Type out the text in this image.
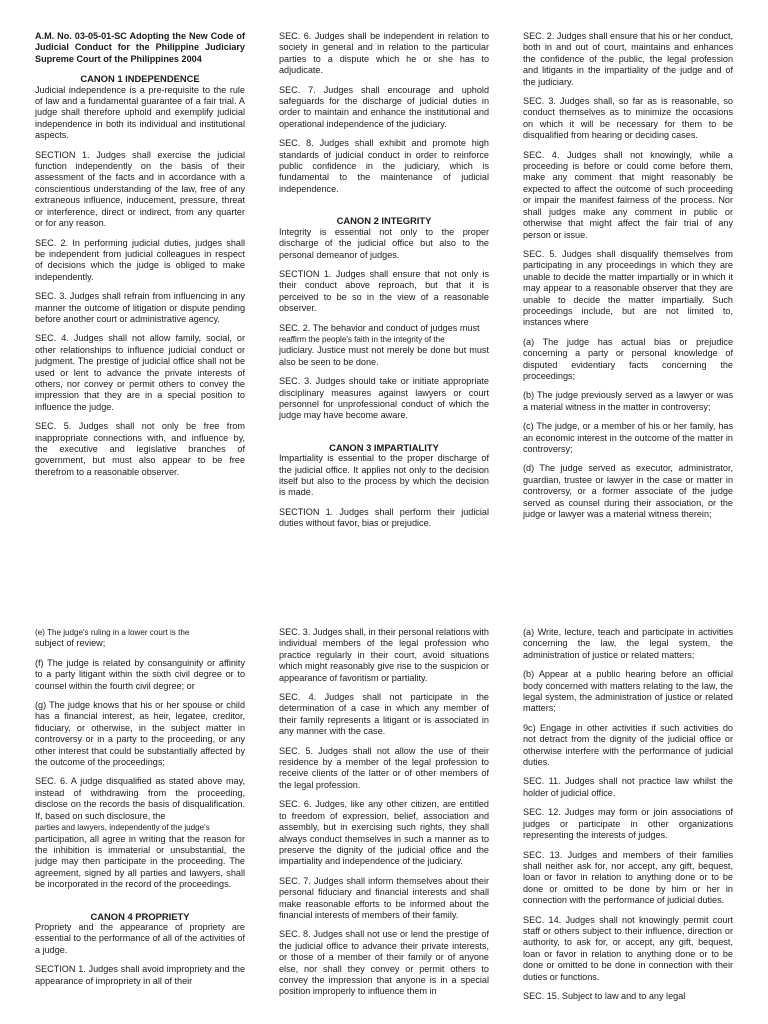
A.M. No. 03-05-01-SC Adopting the New Code of Judicial Conduct for the Philippine Judiciary Supreme Court of the Philippines 2004

CANON 1 INDEPENDENCE

Judicial independence is a pre-requisite to the rule of law and a fundamental guarantee of a fair trial. A judge shall therefore uphold and exemplify judicial independence in both its individual and institutional aspects.

SECTION 1. Judges shall exercise the judicial function independently on the basis of their assessment of the facts and in accordance with a conscientious understanding of the law, free of any extraneous influence, inducement, pressure, threat or interference, direct or indirect, from any quarter or for any reason.

SEC. 2. In performing judicial duties, judges shall be independent from judicial colleagues in respect of decisions which the judge is obliged to make independently.

SEC. 3. Judges shall refrain from influencing in any manner the outcome of litigation or dispute pending before another court or administrative agency.

SEC. 4. Judges shall not allow family, social, or other relationships to influence judicial conduct or judgment. The prestige of judicial office shall not be used or lent to advance the private interests of others, nor convey or permit others to convey the impression that they are in a special position to influence the judge.

SEC. 5. Judges shall not only be free from inappropriate connections with, and influence by, the executive and legislative branches of government, but must also appear to be free therefrom to a reasonable observer.

SEC. 6. Judges shall be independent in relation to society in general and in relation to the particular parties to a dispute which he or she has to adjudicate.

SEC. 7. Judges shall encourage and uphold safeguards for the discharge of judicial duties in order to maintain and enhance the institutional and operational independence of the judiciary.

SEC. 8. Judges shall exhibit and promote high standards of judicial conduct in order to reinforce public confidence in the judiciary, which is fundamental to the maintenance of judicial independence.

CANON 2 INTEGRITY

Integrity is essential not only to the proper discharge of the judicial office but also to the personal demeanor of judges.

SECTION 1. Judges shall ensure that not only is their conduct above reproach, but that it is perceived to be so in the view of a reasonable observer.

SEC. 2. The behavior and conduct of judges must

reaffirm the people's faith in the integrity of the

judiciary. Justice must not merely be done but must also be seen to be done.

SEC. 3. Judges should take or initiate appropriate disciplinary measures against lawyers or court personnel for unprofessional conduct of which the judge may have become aware.

CANON 3 IMPARTIALITY

Impartiality is essential to the proper discharge of the judicial office. It applies not only to the decision itself but also to the process by which the decision is made.

SECTION 1. Judges shall perform their judicial duties without favor, bias or prejudice.

SEC. 2. Judges shall ensure that his or her conduct, both in and out of court, maintains and enhances the confidence of the public, the legal profession and litigants in the impartiality of the judge and of the judiciary.

SEC. 3. Judges shall, so far as is reasonable, so conduct themselves as to minimize the occasions on which it will be necessary for them to be disqualified from hearing or deciding cases.

SEC. 4. Judges shall not knowingly, while a proceeding is before or could come before them, make any comment that might reasonably be expected to affect the outcome of such proceeding or impair the manifest fairness of the process. Nor shall judges make any comment in public or otherwise that might affect the fair trial of any person or issue.

SEC. 5. Judges shall disqualify themselves from participating in any proceedings in which they are unable to decide the matter impartially or in which it may appear to a reasonable observer that they are unable to decide the matter impartially. Such proceedings include, but are not limited to, instances where

(a) The judge has actual bias or prejudice concerning a party or personal knowledge of disputed evidentiary facts concerning the proceedings;

(b) The judge previously served as a lawyer or was a material witness in the matter in controversy;

(c) The judge, or a member of his or her family, has an economic interest in the outcome of the matter in controversy;

(d) The judge served as executor, administrator, guardian, trustee or lawyer in the case or matter in controversy, or a former associate of the judge served as counsel during their association, or the judge or lawyer was a material witness therein;

(e) The judge's ruling in a lower court is the

subject of review;

(f) The judge is related by consanguinity or affinity to a party litigant within the sixth civil degree or to counsel within the fourth civil degree; or

(g) The judge knows that his or her spouse or child has a financial interest, as heir, legatee, creditor, fiduciary, or otherwise, in the subject matter in controversy or in a party to the proceeding, or any other interest that could be substantially affected by the outcome of the proceedings;

SEC. 6. A judge disqualified as stated above may, instead of withdrawing from the proceeding, disclose on the records the basis of disqualification. If, based on such disclosure, the

parties and lawyers, independently of the judge's

participation, all agree in writing that the reason for the inhibition is immaterial or unsubstantial, the judge may then participate in the proceeding. The agreement, signed by all parties and lawyers, shall be incorporated in the record of the proceedings.

CANON 4 PROPRIETY

Propriety and the appearance of propriety are essential to the performance of all of the activities of a judge.

SECTION 1. Judges shall avoid impropriety and the appearance of impropriety in all of their

SEC. 3. Judges shall, in their personal relations with individual members of the legal profession who practice regularly in their court, avoid situations which might reasonably give rise to the suspicion or appearance of favoritism or partiality.

SEC. 4. Judges shall not participate in the determination of a case in which any member of their family represents a litigant or is associated in any manner with the case.

SEC. 5. Judges shall not allow the use of their residence by a member of the legal profession to receive clients of the latter or of other members of the legal profession.

SEC. 6. Judges, like any other citizen, are entitled to freedom of expression, belief, association and assembly, but in exercising such rights, they shall always conduct themselves in such a manner as to preserve the dignity of the judicial office and the impartiality and independence of the judiciary.

SEC. 7. Judges shall inform themselves about their personal fiduciary and financial interests and shall make reasonable efforts to be informed about the financial interests of members of their family.

SEC. 8. Judges shall not use or lend the prestige of the judicial office to advance their private interests, or those of a member of their family or of anyone else, nor shall they convey or permit others to convey the impression that anyone is in a special position improperly to influence them in

(a) Write, lecture, teach and participate in activities concerning the law, the legal system, the administration of justice or related matters;

(b) Appear at a public hearing before an official body concerned with matters relating to the law, the legal system, the administration of justice or related matters;

9c) Engage in other activities if such activities do not detract from the dignity of the judicial office or otherwise interfere with the performance of judicial duties.

SEC. 11. Judges shall not practice law whilst the holder of judicial office.

SEC. 12. Judges may form or join associations of judges or participate in other organizations representing the interests of judges.

SEC. 13. Judges and members of their families shall neither ask for, nor accept, any gift, bequest, loan or favor in relation to anything done or to be done or omitted to be done by him or her in connection with the performance of judicial duties.

SEC. 14. Judges shall not knowingly permit court staff or others subject to their influence, direction or authority, to ask for, or accept, any gift, bequest, loan or favor in relation to anything done or to be done or omitted to be done in connection with their duties or functions.

SEC. 15. Subject to law and to any legal
